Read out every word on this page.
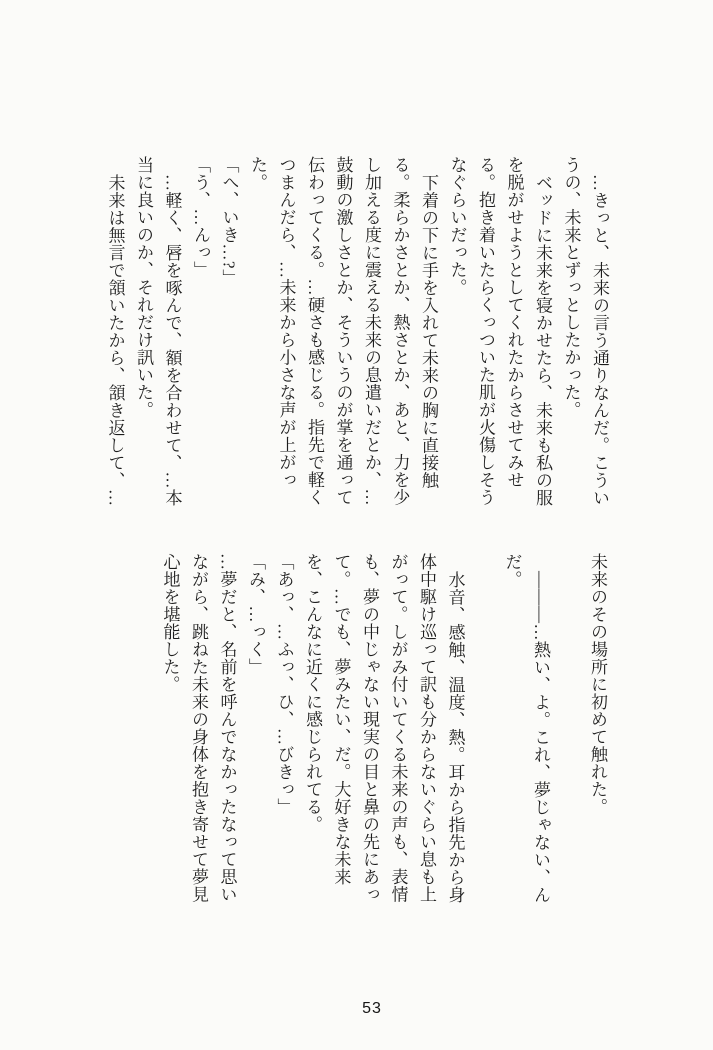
…きっと、未来の言う通りなんだ。こういうの、未来とずっとしたかった。

ベッドに未来を寝かせたら、未来も私の服を脱がせようとしてくれたからさせてみせる。抱き着いたらくっついた肌が火傷しそうなぐらいだった。

下着の下に手を入れて未来の胸に直接触る。柔らかさとか、熱さとか、あと、力を少し加える度に震える未来の息遣いだとか、…鼓動の激しさとか、そういうのが掌を通って伝わってくる。…硬さも感じる。指先で軽くつまんだら、…未来から小さな声が上がった。

「へ、いき…?」

「う、…んっ」

…軽く、唇を啄んで、額を合わせて、…本当に良いのか、それだけ訊いた。

未来は無言で頷いたから、頷き返して、…

未来のその場所に初めて触れた。

―――…熱い、よ。これ、夢じゃない、んだ。

水音、感触、温度、熱。耳から指先から身体中駆け巡って訳も分からないぐらい息も上がって。しがみ付いてくる未来の声も、表情も、夢の中じゃない現実の目と鼻の先にあって。…でも、夢みたい、だ。大好きな未来を、こんなに近くに感じられてる。

「あっ、…ふっ、ひ、…びきっ」

「み、…っく」

…夢だと、名前を呼んでなかったなって思いながら、跳ねた未来の身体を抱き寄せて夢見心地を堪能した。

53
